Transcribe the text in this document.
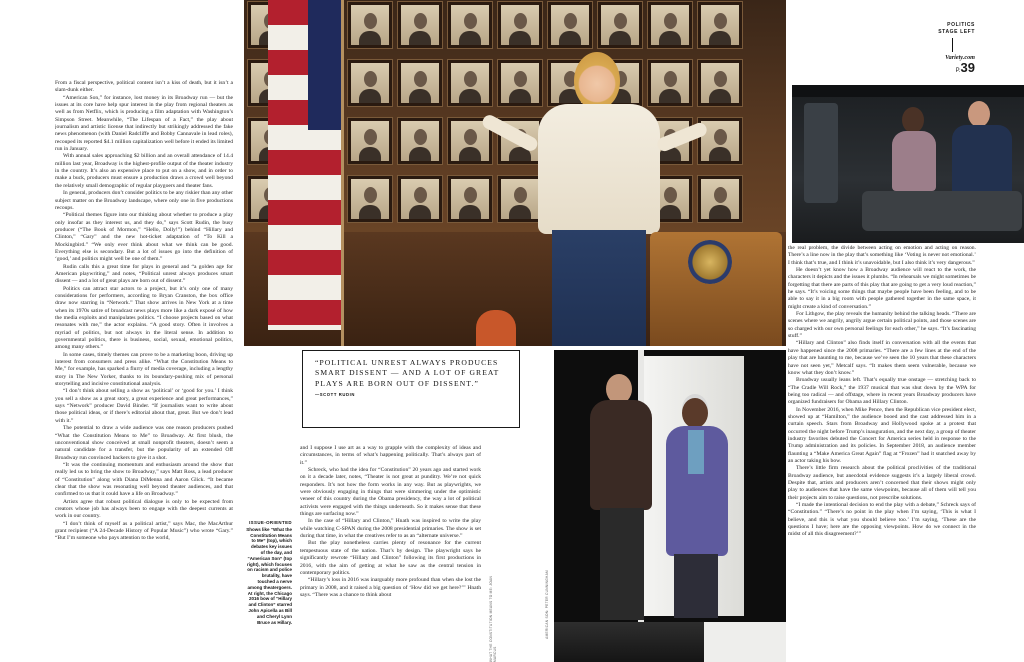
POLITICS
STAGE LEFT
Variety.com
P.39
“POLITICAL UNREST ALWAYS PRODUCES SMART DISSENT — AND A LOT OF GREAT PLAYS ARE BORN OUT OF DISSENT.”
—SCOTT RUDIN
ISSUE-ORIENTED
Shows like “What the Constitution Means to Me” (top), which debates key issues of the day, and “American Son” (top right), which focuses on racism and police brutality, have touched a nerve among theatergoers. At right, the Chicago 2016 bow of “Hillary and Clinton” starred John Apicella as Bill and Cheryl Lynn Bruce as Hillary.	WHAT THE CONSTITUTION MEANS TO ME: JOAN MARCUS
AMERICAN SON: PETER CUNNINGHAM

From a fiscal perspective, political content isn’t a kiss of death, but it isn’t a slam-dunk either.

“American Son,” for instance, lost money in its Broadway run — but the issues at its core have help spur interest in the play from regional theaters as well as from Netflix, which is producing a film adaptation with Washington’s Simpson Street. Meanwhile, “The Lifespan of a Fact,” the play about journalism and artistic license that indirectly but strikingly addressed the fake news phenomenon (with Daniel Radcliffe and Bobby Cannavale in lead roles), recouped its reported $4.1 million capitalization well before it ended its limited run in January.

With annual sales approaching $2 billion and an overall attendance of 14.4 million last year, Broadway is the highest-profile output of the theater industry in the country. It’s also an expensive place to put on a show, and in order to make a buck, producers must ensure a production draws a crowd well beyond the relatively small demographic of regular playgoers and theater fans.

In general, producers don’t consider politics to be any riskier than any other subject matter on the Broadway landscape, where only one in five productions recoups.

“Political themes figure into our thinking about whether to produce a play only insofar as they interest us, and they do,” says Scott Rudin, the busy producer (“The Book of Mormon,” “Hello, Dolly!”) behind “Hillary and Clinton,” “Gary” and the new hot-ticket adaptation of “To Kill a Mockingbird.” “We only ever think about what we think can be good. Everything else is secondary. But a lot of issues go into the definition of ‘good,’ and politics might well be one of them.”

Rudin calls this a great time for plays in general and “a golden age for American playwriting,” and notes, “Political unrest always produces smart dissent — and a lot of great plays are born out of dissent.”

Politics can attract star actors to a project, but it’s only one of many considerations for performers, according to Bryan Cranston, the box office draw now starring in “Network.” That show arrives in New York at a time when its 1970s satire of broadcast news plays more like a dark exposé of how the media exploits and manipulates politics. “I choose projects based on what resonates with me,” the actor explains. “A good story. Often it involves a myriad of politics, but not always in the literal sense. In addition to governmental politics, there is business, social, sexual, emotional politics, among many others.”

In some cases, timely themes can prove to be a marketing boon, driving up interest from consumers and press alike. “What the Constitution Means to Me,” for example, has sparked a flurry of media coverage, including a lengthy story in The New Yorker, thanks to its boundary-pushing mix of personal storytelling and incisive constitutional analysis.

“I don’t think about selling a show as ‘political’ or ‘good for you.’ I think you sell a show as a great story, a great experience and great performances,” says “Network” producer David Binder. “If journalists want to write about those political ideas, or if there’s editorial about that, great. But we don’t lead with it.”

The potential to draw a wide audience was one reason producers pushed “What the Constitution Means to Me” to Broadway. At first blush, the unconventional show conceived at small nonprofit theaters, doesn’t seem a natural candidate for a transfer, but the popularity of an extended Off Broadway run convinced backers to give it a shot.

“It was the continuing momentum and enthusiasm around the show that really led us to bring the show to Broadway,” says Matt Ross, a lead producer of “Constitution” along with Diana DiMenna and Aaron Glick. “It became clear that the show was resonating well beyond theater audiences, and that confirmed to us that it could have a life on Broadway.”

Artists agree that robust political dialogue is only to be expected from creators whose job has always been to engage with the deepest currents at work in our country.

“I don’t think of myself as a political artist,” says Mac, the MacArthur grant recipient (“A 24-Decade History of Popular Music”) who wrote “Gary.” “But I’m someone who pays attention to the world,

and I suppose I use art as a way to grapple with the complexity of ideas and circumstances, in terms of what’s happening politically. That’s always part of it.”

Schreck, who had the idea for “Constitution” 20 years ago and started work on it a decade later, notes, “Theater is not great at punditry. We’re not quick responders. It’s not how the form works in any way. But as playwrights, we were obviously engaging in things that were simmering under the optimistic veneer of this country during the Obama presidency, the way a lot of political activists were engaged with the things underneath. So it makes sense that these things are surfacing now.”

In the case of “Hillary and Clinton,” Hnath was inspired to write the play while watching C-SPAN during the 2008 presidential primaries. The show is set during that time, in what the creatives refer to as an “alternate universe.”

But the play nonetheless carries plenty of resonance for the current tempestuous state of the nation. That’s by design. The playwright says he significantly rewrote “Hillary and Clinton” following its first productions in 2016, with the aim of getting at what he saw as the central tension in contemporary politics.

“Hillary’s loss in 2016 was inarguably more profound than when she lost the primary in 2008, and it raised a big question of ‘How did we get here?’” Hnath says. “There was a chance to think about

the real problem, the divide between acting on emotion and acting on reason. There’s a line now in the play that’s something like ‘Voting is never not emotional.’ I think that’s true, and I think it’s unavoidable, but I also think it’s very dangerous.”

He doesn’t yet know how a Broadway audience will react to the work, the characters it depicts and the issues it plumbs. “In rehearsals we might sometimes be forgetting that there are parts of this play that are going to get a very loud reaction,” he says. “It’s voicing some things that maybe people have been feeling, and to be able to say it in a big room with people gathered together in the same space, it might create a kind of conversation.”

For Lithgow, the play reveals the humanity behind the talking heads. “There are scenes where we angrily, angrily argue certain political points, and those scenes are so charged with our own personal feelings for each other,” he says. “It’s fascinating stuff.”

“Hillary and Clinton” also finds itself in conversation with all the events that have happened since the 2008 primaries. “There are a few lines at the end of the play that are haunting to me, because we’ve seen the 10 years that these characters have not seen yet,” Metcalf says. “It makes them seem vulnerable, because we know what they don’t know.”

Broadway usually leans left. That’s equally true onstage — stretching back to “The Cradle Will Rock,” the 1937 musical that was shut down by the WPA for being too radical — and offstage, where in recent years Broadway producers have organized fundraisers for Obama and Hillary Clinton.

In November 2016, when Mike Pence, then the Republican vice president elect, showed up at “Hamilton,” the audience booed and the cast addressed him in a curtain speech. Stars from Broadway and Hollywood spoke at a protest that occurred the night before Trump’s inauguration, and the next day, a group of theater industry favorites debuted the Concert for America series held in response to the Trump administration and its policies. In September 2018, an audience member flaunting a “Make America Great Again” flag at “Frozen” had it snatched away by an actor taking his bow.

There’s little firm research about the political proclivities of the traditional Broadway audience, but anecdotal evidence suggests it’s a largely liberal crowd. Despite that, artists and producers aren’t concerned that their shows might only play to audiences that have the same viewpoints, because all of them will tell you their projects aim to raise questions, not prescribe solutions.

“I made the intentional decision to end the play with a debate,” Schreck says of “Constitution.” “There’s no point in the play when I’m saying, ‘This is what I believe, and this is what you should believe too.’ I’m saying, ‘These are the questions I have; here are the opposing viewpoints. How do we connect in the midst of all this disagreement?’”
